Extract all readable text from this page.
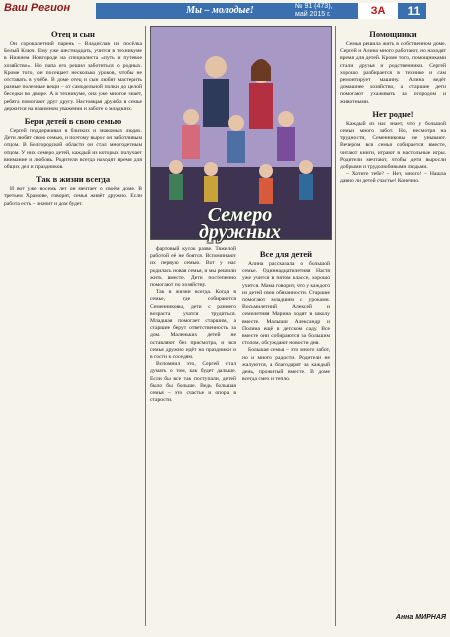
Ваш Регион	Мы – молодые!	№ 91 (473),
май 2015 г.	ЗА	11
Отец и сын

Он сорокалетний парень – Владислав из посёлка Белый Ключ. Ему уже шестнадцать, учится в техникуме в Нижнем Новгороде на специалиста «путь и путевое хозяйство». Но папа его решил заботиться о родных. Кроме того, он посещает несколько уроков, чтобы не отставать в учёбе. В доме отец и сын любят мастерить разные полезные вещи – от самодельной полки до целой беседки во дворе. А в техникуме, она уже многое знает, ребята помогают друг другу. Настоящая дружба в семье держится на взаимном уважении и заботе о младших.

Бери детей в свою семью

Сергей поддерживал в близких и знакомых людях. Дети любят свою семью, и поэтому вырос он заботливым отцом. В Белгородской области он стал многодетным отцом. У них семеро детей, каждый из которых получает внимание и любовь. Родители всегда находят время для общих дел и праздников.

Так в жизни всегда

И вот уже восемь лет он мечтает о своём доме. В третьем Храмове, говорят, семья живёт дружно. Если работа есть – значит и дом будет.

Семеро
дружных

фартовый кусок разве. Тяжелой работой её не боятся. Вспоминают их первую семью. Вот у нас родилась новая семья, и мы решили жить вместе. Дети постепенно помогают по хозяйству.

Так в жизни всегда. Когда в семье, где собираются Семенниковы, дети с раннего возраста учатся трудиться. Младшая помогает старшим, а старшие берут ответственность за дом. Маленьких детей не оставляют без присмотра, и вся семья дружно идёт на праздники и в гости к соседям.

Вспомнил это, Сергей стал думать о том, как будет дальше. Если бы все так поступали, детей было бы больше. Ведь большая семья – это счастье и опора в старости.

Все для детей

Алина рассказала о большой семье. Одиннадцатилетняя Настя уже учится в пятом классе, хорошо учится. Мама говорит, что у каждого из детей свои обязанности. Старшие помогают младшим с уроками. Восьмилетний Алексей и семилетняя Марина ходят в школу вместе. Малыши Александр и Полина ещё в детском саду. Все вместе они собираются за большим столом, обсуждают новости дня.

Большая семья – это много забот, но и много радости. Родители не жалуются, а благодарят за каждый день, прожитый вместе. В доме всегда смех и тепло.

Помощники

Семья решила жить в собственном доме. Сергей и Алина много работают, но находят время для детей. Кроме того, помощниками стали друзья и родственники. Сергей хорошо разбирается в технике и сам ремонтирует машину. Алина ведёт домашнее хозяйство, а старшие дети помогают ухаживать за огородом и животными.

Нет родне!

Каждый из нас знает, что у большой семьи много забот. Но, несмотря на трудности, Семенниковы не унывают. Вечером вся семья собирается вместе, читают книги, играют в настольные игры. Родители мечтают, чтобы дети выросли добрыми и трудолюбивыми людьми.

– Хотите тебе? – Нет, много! – Нашла давно ли детей счастье! Конечно.

Анна МИРНАЯ
